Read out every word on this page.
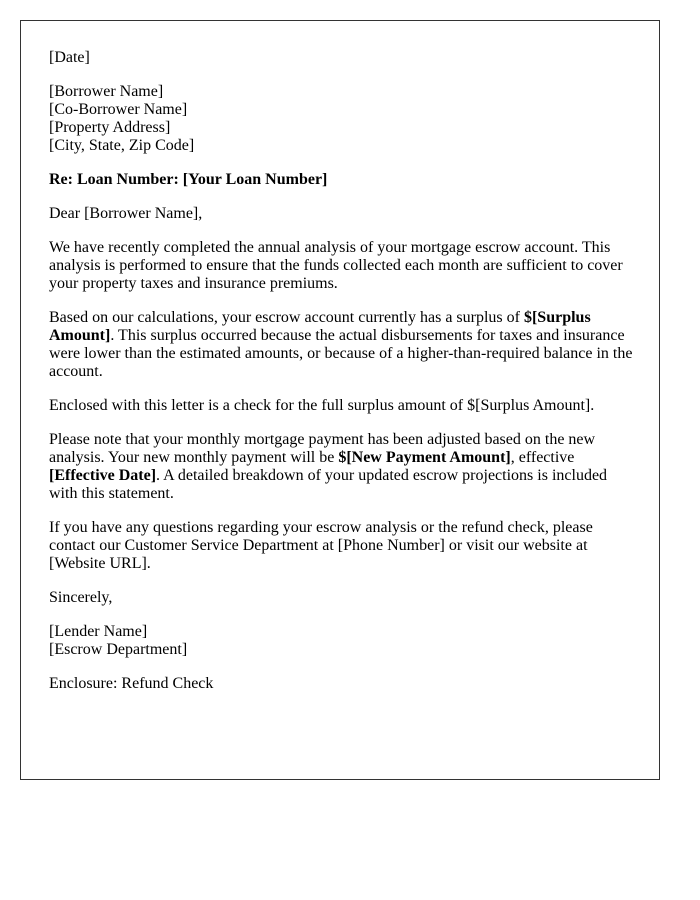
[Date]

[Borrower Name]
[Co-Borrower Name]
[Property Address]
[City, State, Zip Code]

Re: Loan Number: [Your Loan Number]

Dear [Borrower Name],

We have recently completed the annual analysis of your mortgage escrow account. This analysis is performed to ensure that the funds collected each month are sufficient to cover your property taxes and insurance premiums.

Based on our calculations, your escrow account currently has a surplus of $[Surplus Amount]. This surplus occurred because the actual disbursements for taxes and insurance were lower than the estimated amounts, or because of a higher-than-required balance in the account.

Enclosed with this letter is a check for the full surplus amount of $[Surplus Amount].

Please note that your monthly mortgage payment has been adjusted based on the new analysis. Your new monthly payment will be $[New Payment Amount], effective [Effective Date]. A detailed breakdown of your updated escrow projections is included with this statement.

If you have any questions regarding your escrow analysis or the refund check, please contact our Customer Service Department at [Phone Number] or visit our website at [Website URL].

Sincerely,

[Lender Name]
[Escrow Department]

Enclosure: Refund Check
